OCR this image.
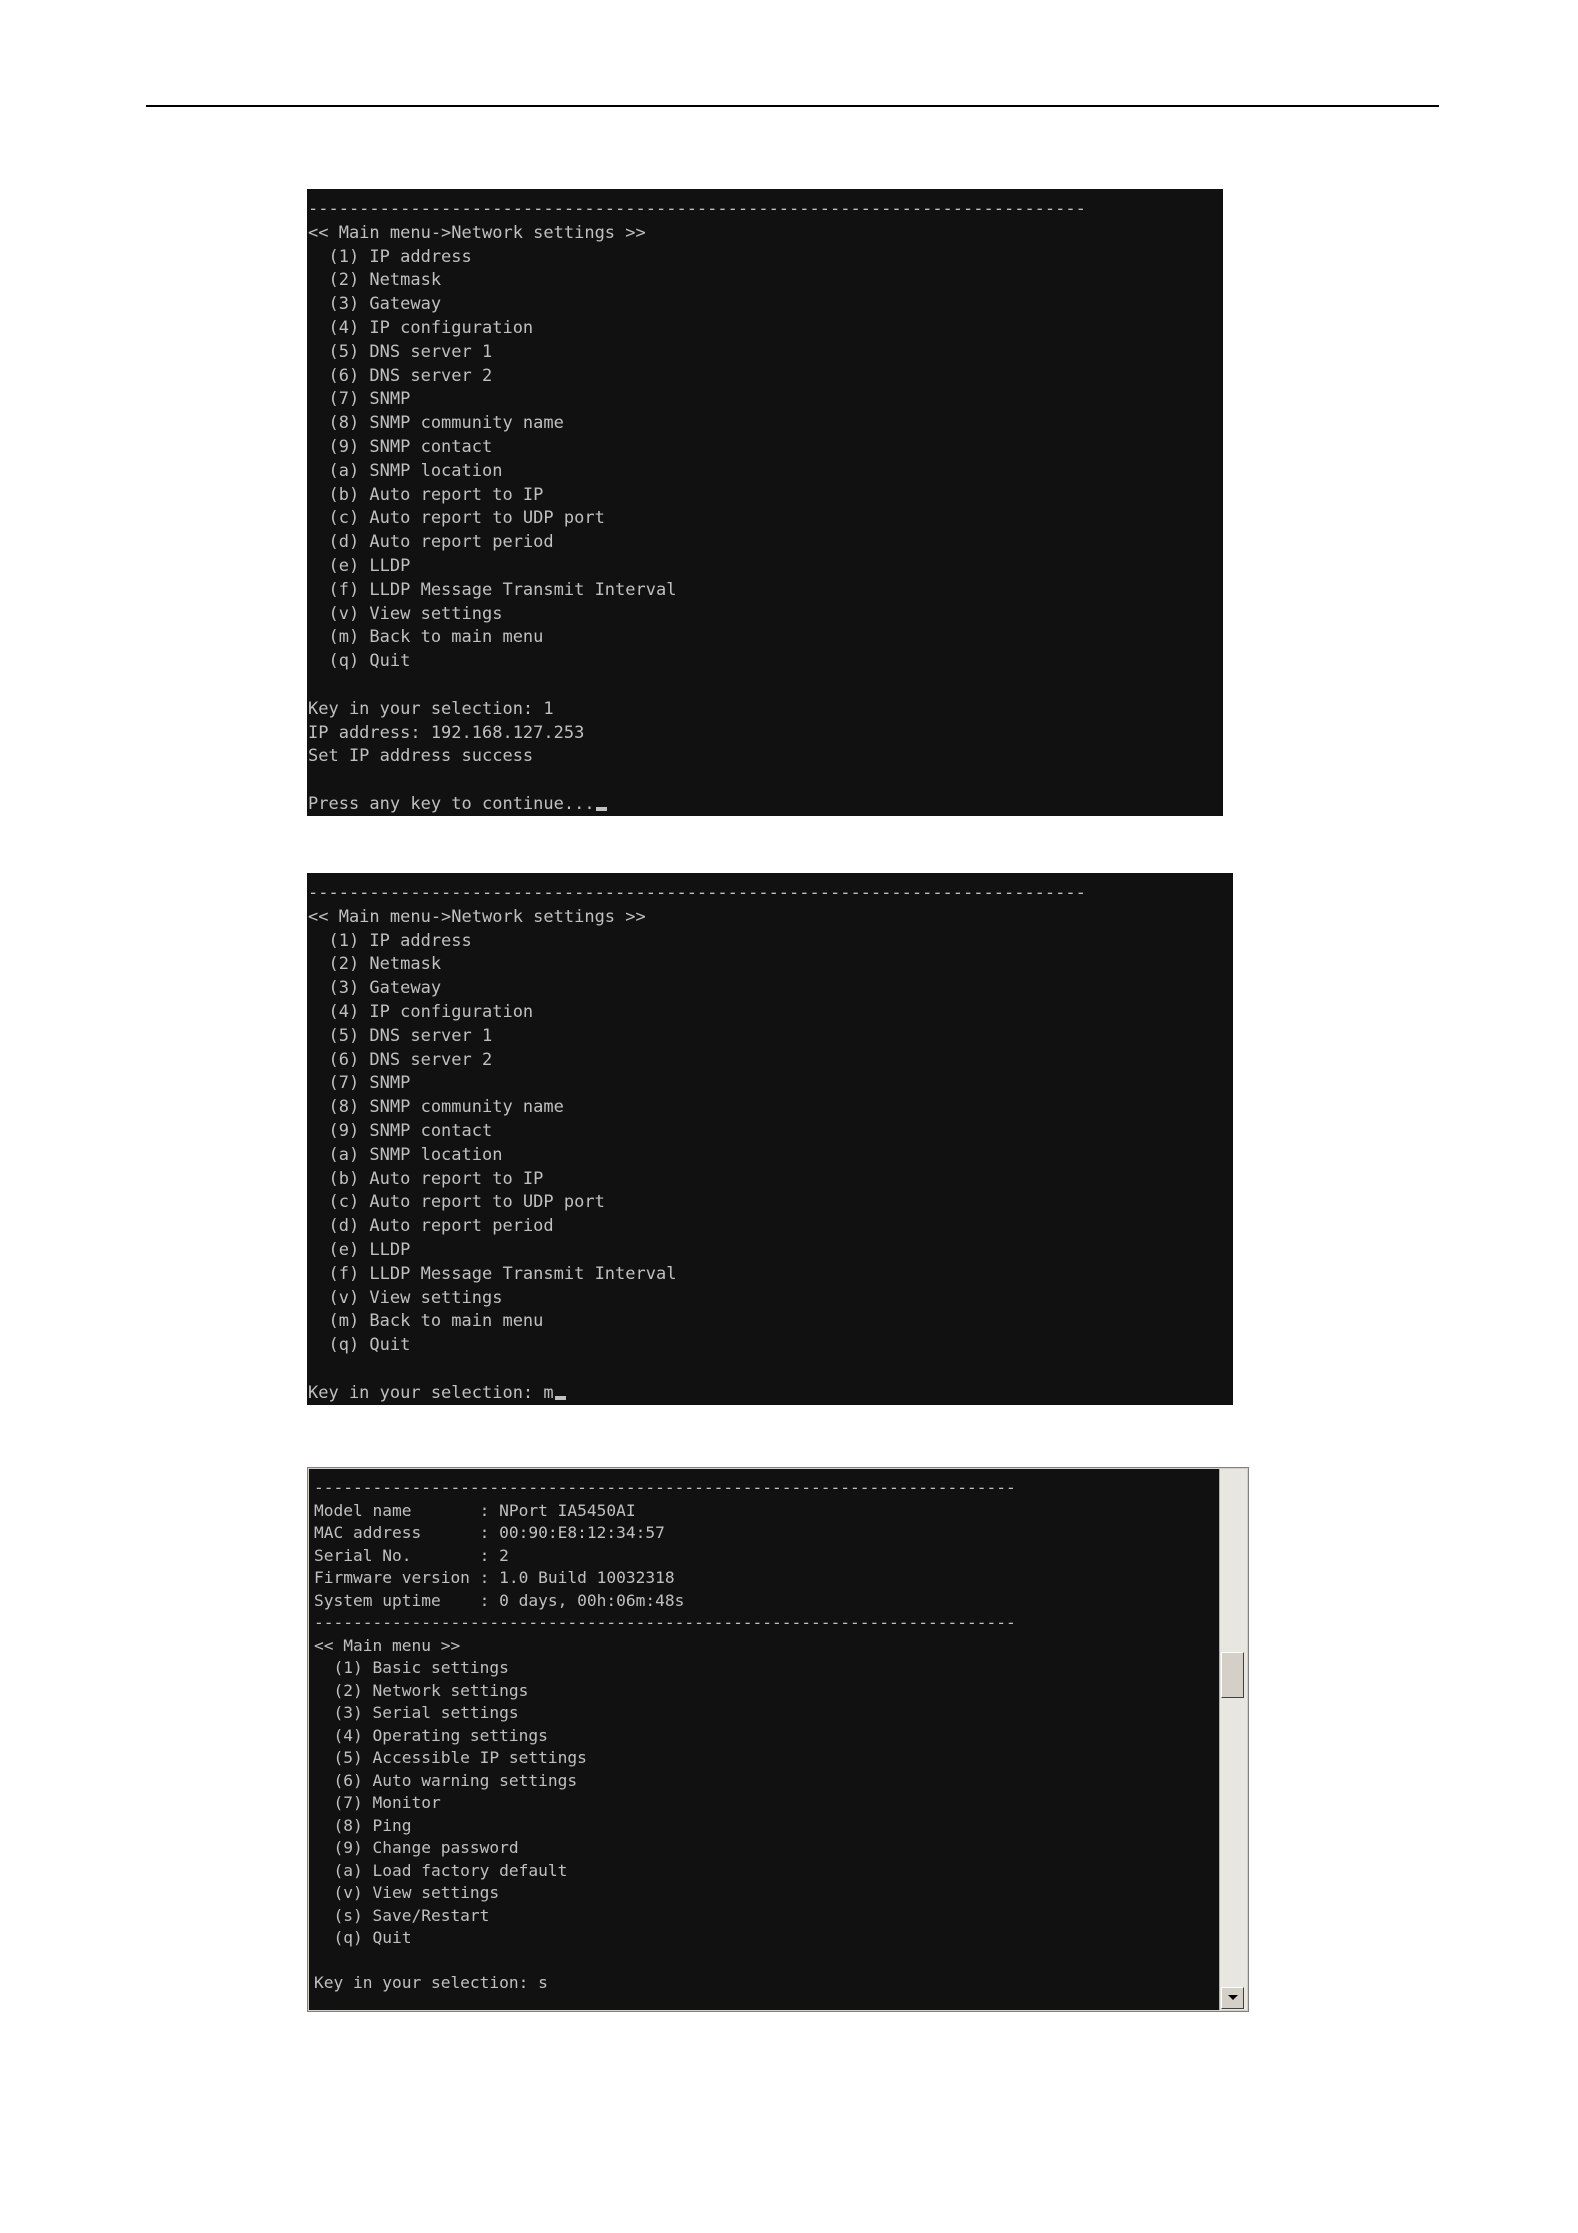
----------------------------------------------------------------------------
<< Main menu->Network settings >>
(1) IP address
(2) Netmask
(3) Gateway
(4) IP configuration
(5) DNS server 1
(6) DNS server 2
(7) SNMP
(8) SNMP community name
(9) SNMP contact
(a) SNMP location
(b) Auto report to IP
(c) Auto report to UDP port
(d) Auto report period
(e) LLDP
(f) LLDP Message Transmit Interval
(v) View settings
(m) Back to main menu
(q) Quit
Key in your selection: 1
IP address: 192.168.127.253
Set IP address success
Press any key to continue...
----------------------------------------------------------------------------
<< Main menu->Network settings >>
(1) IP address
(2) Netmask
(3) Gateway
(4) IP configuration
(5) DNS server 1
(6) DNS server 2
(7) SNMP
(8) SNMP community name
(9) SNMP contact
(a) SNMP location
(b) Auto report to IP
(c) Auto report to UDP port
(d) Auto report period
(e) LLDP
(f) LLDP Message Transmit Interval
(v) View settings
(m) Back to main menu
(q) Quit
Key in your selection: m
------------------------------------------------------------------------
Model name       : NPort IA5450AI
MAC address      : 00:90:E8:12:34:57
Serial No.       : 2
Firmware version : 1.0 Build 10032318
System uptime    : 0 days, 00h:06m:48s
------------------------------------------------------------------------
<< Main menu >>
(1) Basic settings
(2) Network settings
(3) Serial settings
(4) Operating settings
(5) Accessible IP settings
(6) Auto warning settings
(7) Monitor
(8) Ping
(9) Change password
(a) Load factory default
(v) View settings
(s) Save/Restart
(q) Quit
Key in your selection: s
